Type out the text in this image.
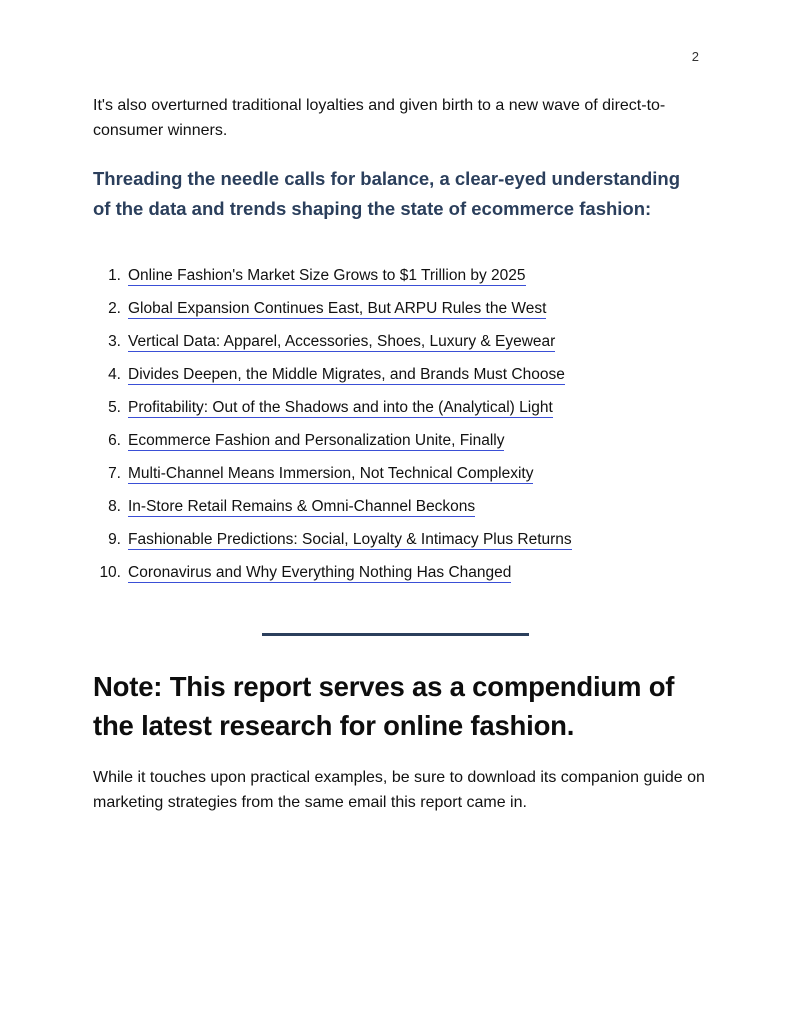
2

It's also overturned traditional loyalties and given birth to a new wave of direct-to-consumer winners.

Threading the needle calls for balance, a clear-eyed understanding of the data and trends shaping the state of ecommerce fashion:
1. Online Fashion's Market Size Grows to $1 Trillion by 2025
2. Global Expansion Continues East, But ARPU Rules the West
3. Vertical Data: Apparel, Accessories, Shoes, Luxury & Eyewear
4. Divides Deepen, the Middle Migrates, and Brands Must Choose
5. Profitability: Out of the Shadows and into the (Analytical) Light
6. Ecommerce Fashion and Personalization Unite, Finally
7. Multi-Channel Means Immersion, Not Technical Complexity
8. In-Store Retail Remains & Omni-Channel Beckons
9. Fashionable Predictions: Social, Loyalty & Intimacy Plus Returns
10. Coronavirus and Why Everything Nothing Has Changed
Note: This report serves as a compendium of the latest research for online fashion.

While it touches upon practical examples, be sure to download its companion guide on marketing strategies from the same email this report came in.
